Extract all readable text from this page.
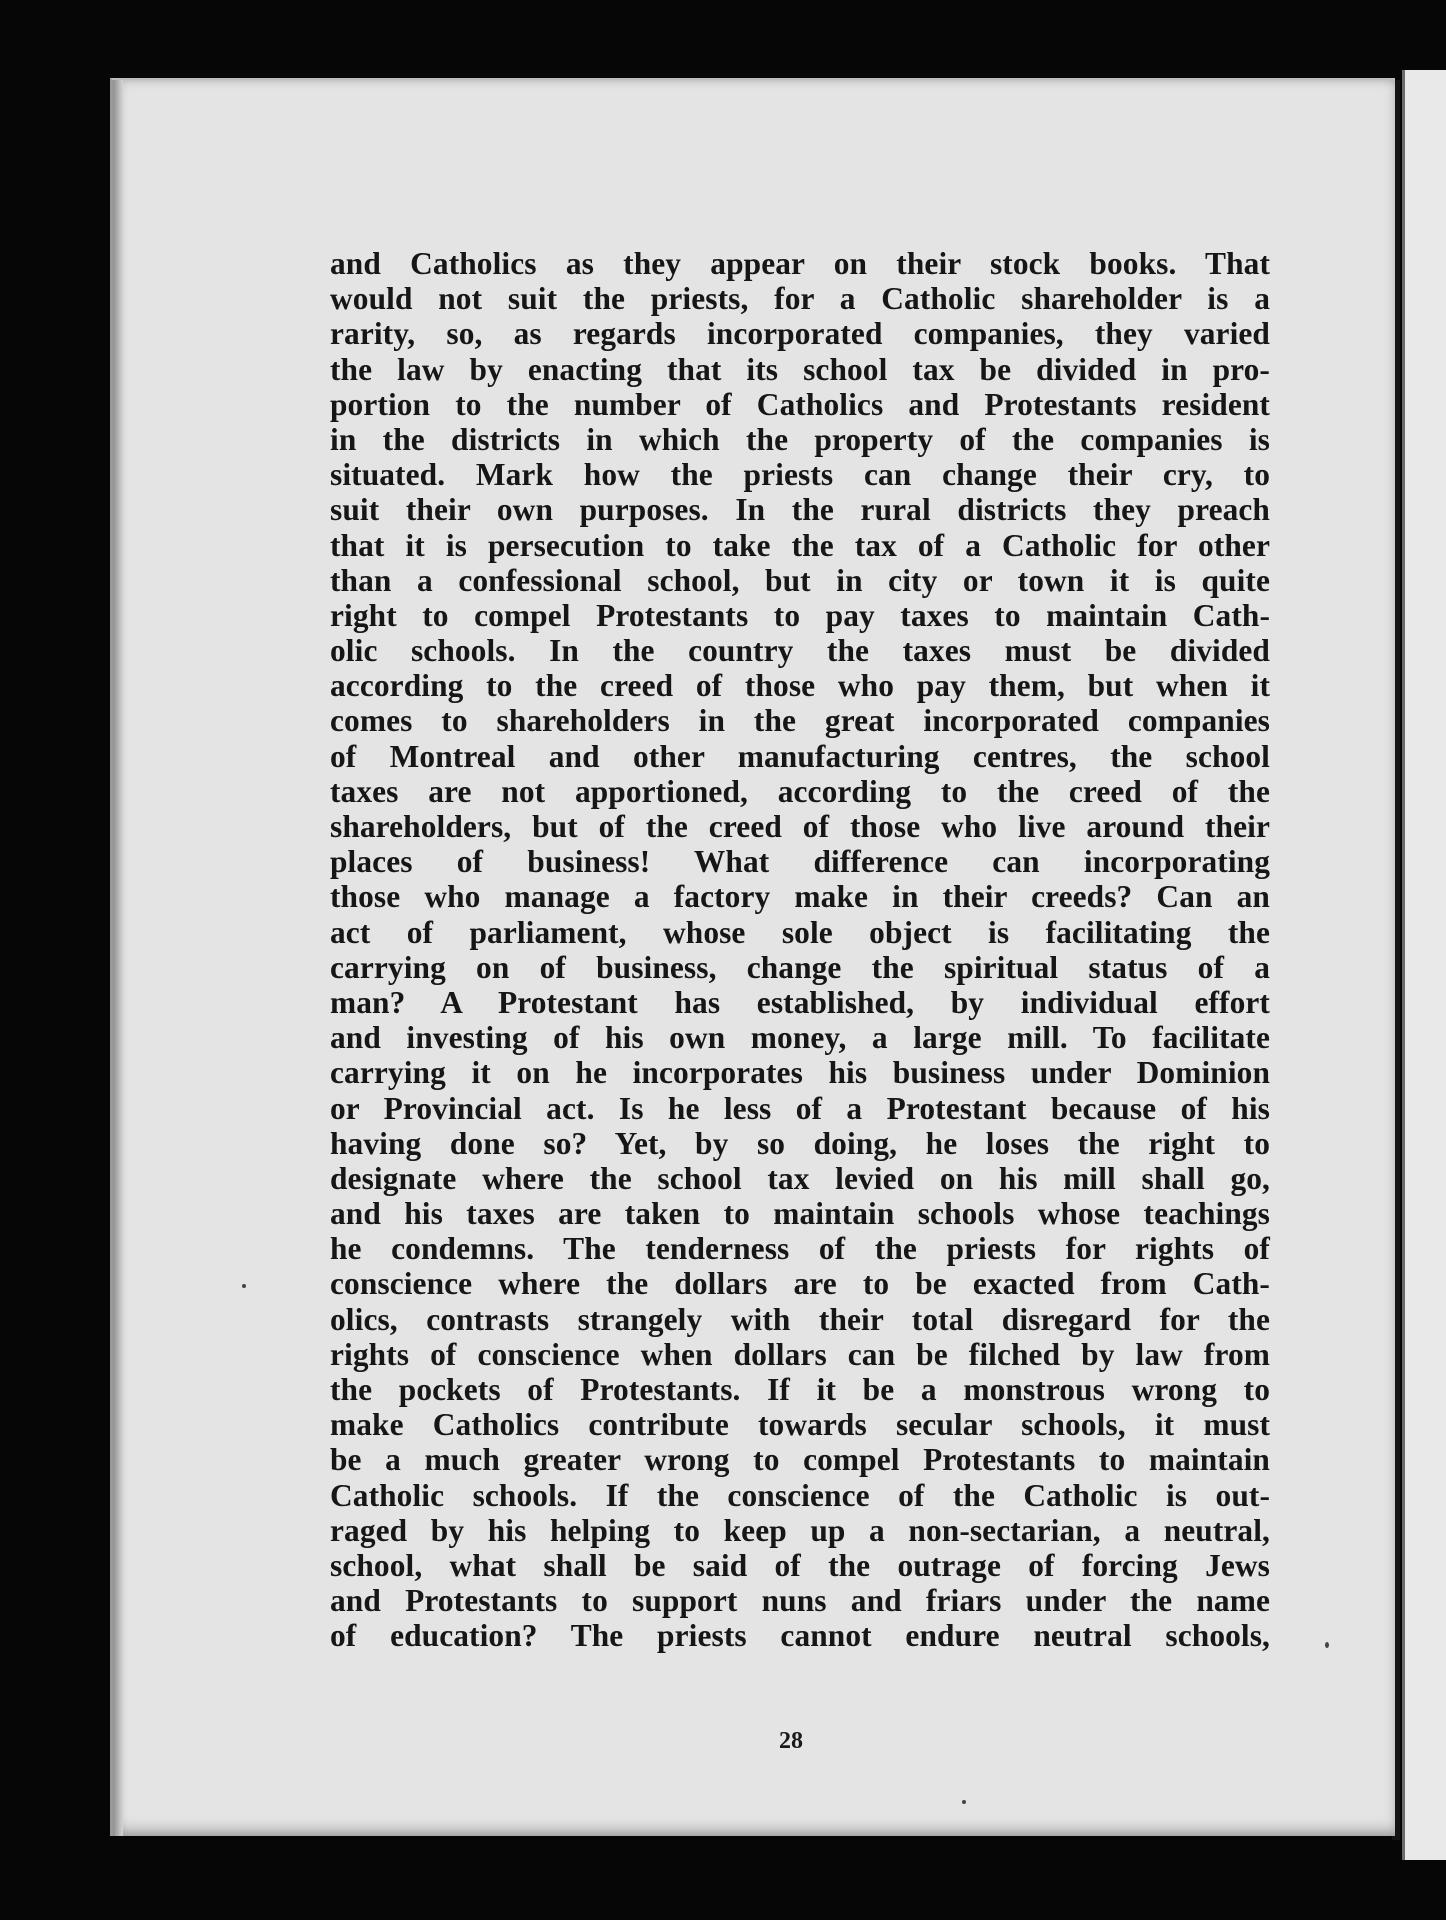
and Catholics as they appear on their stock books. That
would not suit the priests, for a Catholic shareholder is a
rarity, so, as regards incorporated companies, they varied
the law by enacting that its school tax be divided in pro-
portion to the number of Catholics and Protestants resident
in the districts in which the property of the companies is
situated. Mark how the priests can change their cry, to
suit their own purposes. In the rural districts they preach
that it is persecution to take the tax of a Catholic for other
than a confessional school, but in city or town it is quite
right to compel Protestants to pay taxes to maintain Cath-
olic schools. In the country the taxes must be divided
according to the creed of those who pay them, but when it
comes to shareholders in the great incorporated companies
of Montreal and other manufacturing centres, the school
taxes are not apportioned, according to the creed of the
shareholders, but of the creed of those who live around their
places of business! What difference can incorporating
those who manage a factory make in their creeds? Can an
act of parliament, whose sole object is facilitating the
carrying on of business, change the spiritual status of a
man? A Protestant has established, by individual effort
and investing of his own money, a large mill. To facilitate
carrying it on he incorporates his business under Dominion
or Provincial act. Is he less of a Protestant because of his
having done so? Yet, by so doing, he loses the right to
designate where the school tax levied on his mill shall go,
and his taxes are taken to maintain schools whose teachings
he condemns. The tenderness of the priests for rights of
conscience where the dollars are to be exacted from Cath-
olics, contrasts strangely with their total disregard for the
rights of conscience when dollars can be filched by law from
the pockets of Protestants. If it be a monstrous wrong to
make Catholics contribute towards secular schools, it must
be a much greater wrong to compel Protestants to maintain
Catholic schools. If the conscience of the Catholic is out-
raged by his helping to keep up a non-sectarian, a neutral,
school, what shall be said of the outrage of forcing Jews
and Protestants to support nuns and friars under the name
of education? The priests cannot endure neutral schools,
28
